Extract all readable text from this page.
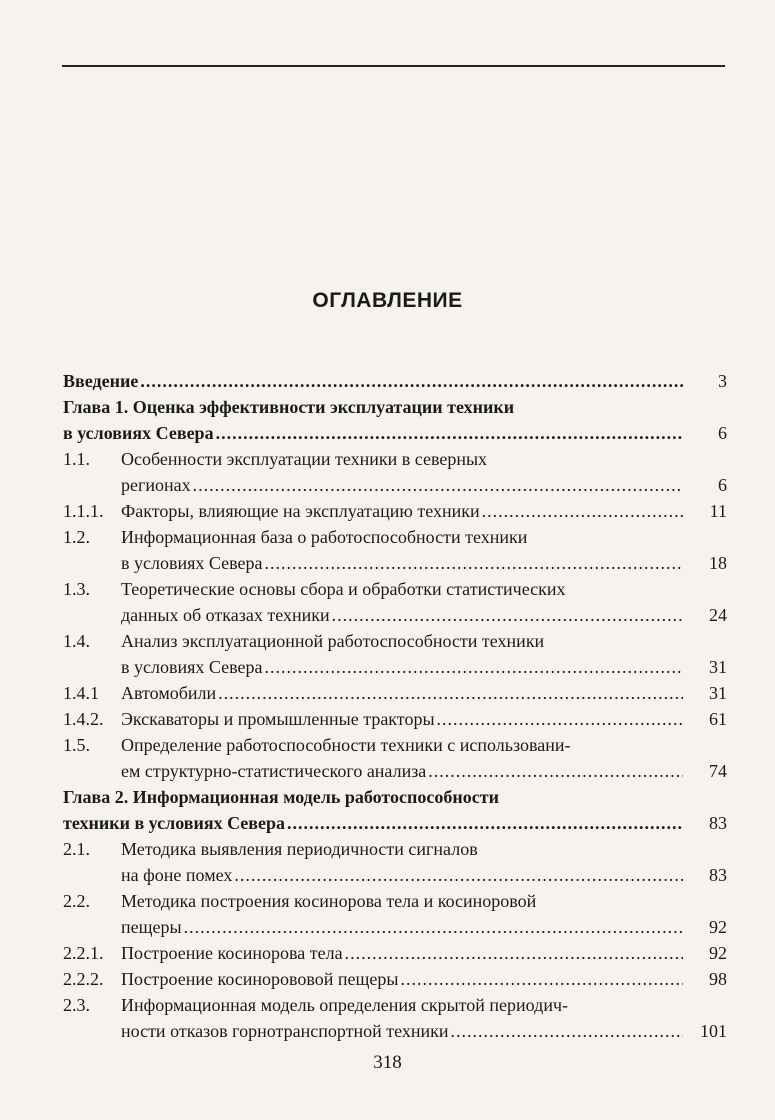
ОГЛАВЛЕНИЕ
Введение .....	3
Глава 1. Оценка эффективности эксплуатации техники
в условиях Севера .....	6
1.1. Особенности эксплуатации техники в северных
регионах .....	6
1.1.1. Факторы, влияющие на эксплуатацию техники .....	11
1.2. Информационная база о работоспособности техники
в условиях Севера .....	18
1.3. Теоретические основы сбора и обработки статистических
данных об отказах техники .....	24
1.4. Анализ эксплуатационной работоспособности техники
в условиях Севера .....	31
1.4.1 Автомобили .....	31
1.4.2. Экскаваторы и промышленные тракторы .....	61
1.5. Определение работоспособности техники с использовани-
ем структурно-статистического анализа .....	74
Глава 2. Информационная модель работоспособности
техники в условиях Севера .....	83
2.1. Методика выявления периодичности сигналов
на фоне помех .....	83
2.2. Методика построения косинорова тела и косиноровой
пещеры .....	92
2.2.1. Построение косинорова тела .....	92
2.2.2. Построение косинорововой пещеры .....	98
2.3. Информационная модель определения скрытой периодич-
ности отказов горнотранспортной техники .....	101
318
